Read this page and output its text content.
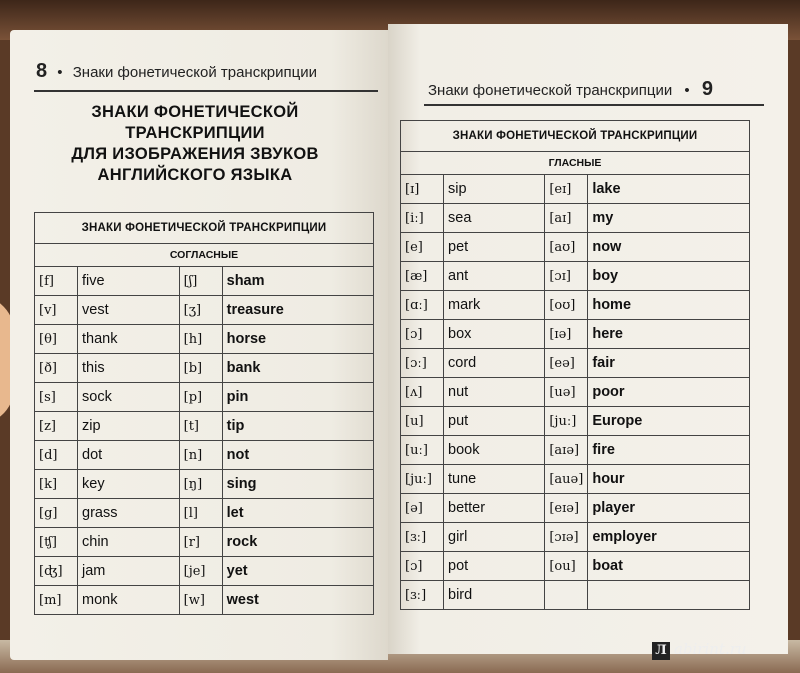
8 • Знаки фонетической транскрипции
ЗНАКИ ФОНЕТИЧЕСКОЙ
ТРАНСКРИПЦИИ
ДЛЯ ИЗОБРАЖЕНИЯ ЗВУКОВ
АНГЛИЙСКОГО ЯЗЫКА
ЗНАКИ ФОНЕТИЧЕСКОЙ ТРАНСКРИПЦИИ			
СОГЛАСНЫЕ			
[f]	five	[ʃ]	sham
[v]	vest	[ʒ]	treasure
[θ]	thank	[h]	horse
[ð]	this	[b]	bank
[s]	sock	[p]	pin
[z]	zip	[t]	tip
[d]	dot	[n]	not
[k]	key	[ŋ]	sing
[g]	grass	[l]	let
[ʧ]	chin	[r]	rock
[ʤ]	jam	[je]	yet
[m]	monk	[w]	west
Знаки фонетической транскрипции • 9
ЗНАКИ ФОНЕТИЧЕСКОЙ ТРАНСКРИПЦИИ			
ГЛАСНЫЕ			
[ɪ]	sip	[eɪ]	lake
[iː]	sea	[aɪ]	my
[e]	pet	[aʊ]	now
[æ]	ant	[ɔɪ]	boy
[ɑː]	mark	[oʊ]	home
[ɔ]	box	[ɪə]	here
[ɔː]	cord	[eə]	fair
[ʌ]	nut	[uə]	poor
[u]	put	[juː]	Europe
[uː]	book	[aɪə]	fire
[juː]	tune	[auə]	hour
[ə]	better	[eɪə]	player
[ɜː]	girl	[ɔɪə]	employer
[ɔ]	pot	[ou]	boat
[ɜː]	bird		
Л abirint.ru
